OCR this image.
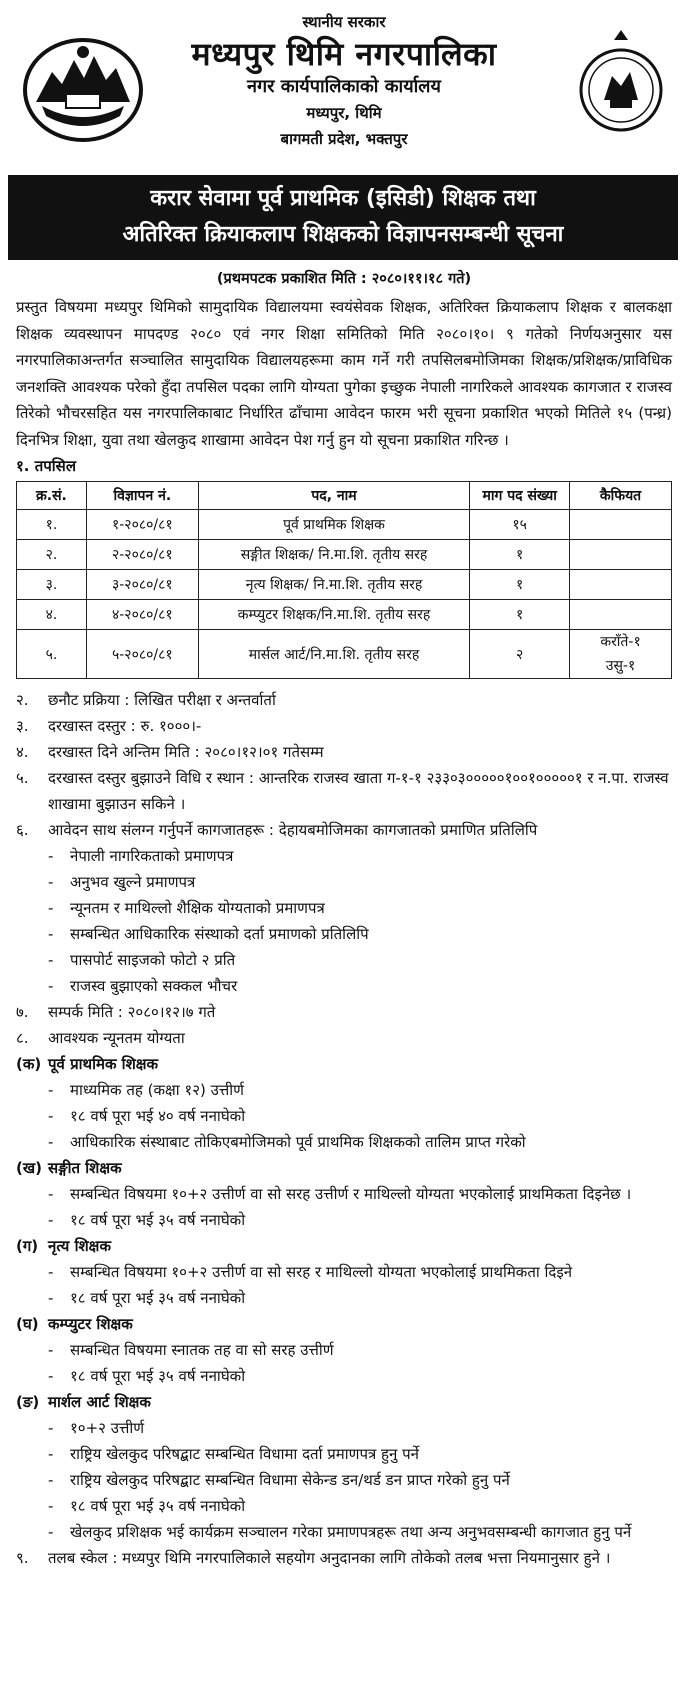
स्थानीय सरकार
मध्यपुर थिमि नगरपालिका
नगर कार्यपालिकाको कार्यालय
मध्यपुर, थिमि
बागमती प्रदेश, भक्तपुर
करार सेवामा पूर्व प्राथमिक (इसिडी) शिक्षक तथा
अतिरिक्त क्रियाकलाप शिक्षकको विज्ञापनसम्बन्धी सूचना
(प्रथमपटक प्रकाशित मिति : २०८०।११।१८ गते)

प्रस्तुत विषयमा मध्यपुर थिमिको सामुदायिक विद्यालयमा स्वयंसेवक शिक्षक, अतिरिक्त क्रियाकलाप शिक्षक र बालकक्षा शिक्षक व्यवस्थापन मापदण्ड २०८० एवं नगर शिक्षा समितिको मिति २०८०।१०। ९ गतेको निर्णयअनुसार यस नगरपालिकाअन्तर्गत सञ्चालित सामुदायिक विद्यालयहरूमा काम गर्ने गरी तपसिलबमोजिमका शिक्षक/प्रशिक्षक/प्राविधिक जनशक्ति आवश्यक परेको हुँदा तपसिल पदका लागि योग्यता पुगेका इच्छुक नेपाली नागरिकले आवश्यक कागजात र राजस्व तिरेको भौचरसहित यस नगरपालिकाबाट निर्धारित ढाँचामा आवेदन फारम भरी सूचना प्रकाशित भएको मितिले १५ (पन्ध्र) दिनभित्र शिक्षा, युवा तथा खेलकुद शाखामा आवेदन पेश गर्नु हुन यो सूचना प्रकाशित गरिन्छ ।

१. तपसिल
क्र.सं.	विज्ञापन नं.	पद, नाम	माग पद संख्या	कैफियत
१.	१-२०८०/८१	पूर्व प्राथमिक शिक्षक	१५	
२.	२-२०८०/८१	सङ्गीत शिक्षक/ नि.मा.शि. तृतीय सरह	१	
३.	३-२०८०/८१	नृत्य शिक्षक/ नि.मा.शि. तृतीय सरह	१	
४.	४-२०८०/८१	कम्प्युटर शिक्षक/नि.मा.शि. तृतीय सरह	१	
५.	५-२०८०/८१	मार्सल आर्ट/नि.मा.शि. तृतीय सरह	२	कराँते-१
उसु-१
२.	छनौट प्रक्रिया : लिखित परीक्षा र अन्तर्वार्ता
३.	दरखास्त दस्तुर : रु. १०००।-
४.	दरखास्त दिने अन्तिम मिति : २०८०।१२।०१ गतेसम्म
५.	दरखास्त दस्तुर बुझाउने विधि र स्थान : आन्तरिक राजस्व खाता ग-१-१ २३३०३०००००१००१०००००१ र न.पा. राजस्व शाखामा बुझाउन सकिने ।
६.	आवेदन साथ संलग्न गर्नुपर्ने कागजातहरू : देहायबमोजिमका कागजातको प्रमाणित प्रतिलिपि
-	नेपाली नागरिकताको प्रमाणपत्र
-	अनुभव खुल्ने प्रमाणपत्र
-	न्यूनतम र माथिल्लो शैक्षिक योग्यताको प्रमाणपत्र
-	सम्बन्धित आधिकारिक संस्थाको दर्ता प्रमाणको प्रतिलिपि
-	पासपोर्ट साइजको फोटो २ प्रति
-	राजस्व बुझाएको सक्कल भौचर
७.	सम्पर्क मिति : २०८०।१२।७ गते
८.	आवश्यक न्यूनतम योग्यता
(क) पूर्व प्राथमिक शिक्षक
-	माध्यमिक तह (कक्षा १२) उत्तीर्ण
-	१८ वर्ष पूरा भई ४० वर्ष ननाघेको
-	आधिकारिक संस्थाबाट तोकिएबमोजिमको पूर्व प्राथमिक शिक्षकको तालिम प्राप्त गरेको
(ख) सङ्गीत शिक्षक
-	सम्बन्धित विषयमा १०+२ उत्तीर्ण वा सो सरह उत्तीर्ण र माथिल्लो योग्यता भएकोलाई प्राथमिकता दिइनेछ ।
-	१८ वर्ष पूरा भई ३५ वर्ष ननाघेको
(ग) नृत्य शिक्षक
-	सम्बन्धित विषयमा १०+२ उत्तीर्ण वा सो सरह र माथिल्लो योग्यता भएकोलाई प्राथमिकता दिइने
-	१८ वर्ष पूरा भई ३५ वर्ष ननाघेको
(घ) कम्प्युटर शिक्षक
-	सम्बन्धित विषयमा स्नातक तह वा सो सरह उत्तीर्ण
-	१८ वर्ष पूरा भई ३५ वर्ष ननाघेको
(ङ) मार्शल आर्ट शिक्षक
-	१०+२ उत्तीर्ण
-	राष्ट्रिय खेलकुद परिषद्बाट सम्बन्धित विधामा दर्ता प्रमाणपत्र हुनु पर्ने
-	राष्ट्रिय खेलकुद परिषद्बाट सम्बन्धित विधामा सेकेन्ड डन/थर्ड डन प्राप्त गरेको हुनु पर्ने
-	१८ वर्ष पूरा भई ३५ वर्ष ननाघेको
-	खेलकुद प्रशिक्षक भई कार्यक्रम सञ्चालन गरेका प्रमाणपत्रहरू तथा अन्य अनुभवसम्बन्धी कागजात हुनु पर्ने
९.	तलब स्केल : मध्यपुर थिमि नगरपालिकाले सहयोग अनुदानका लागि तोकेको तलब भत्ता नियमानुसार हुने ।
